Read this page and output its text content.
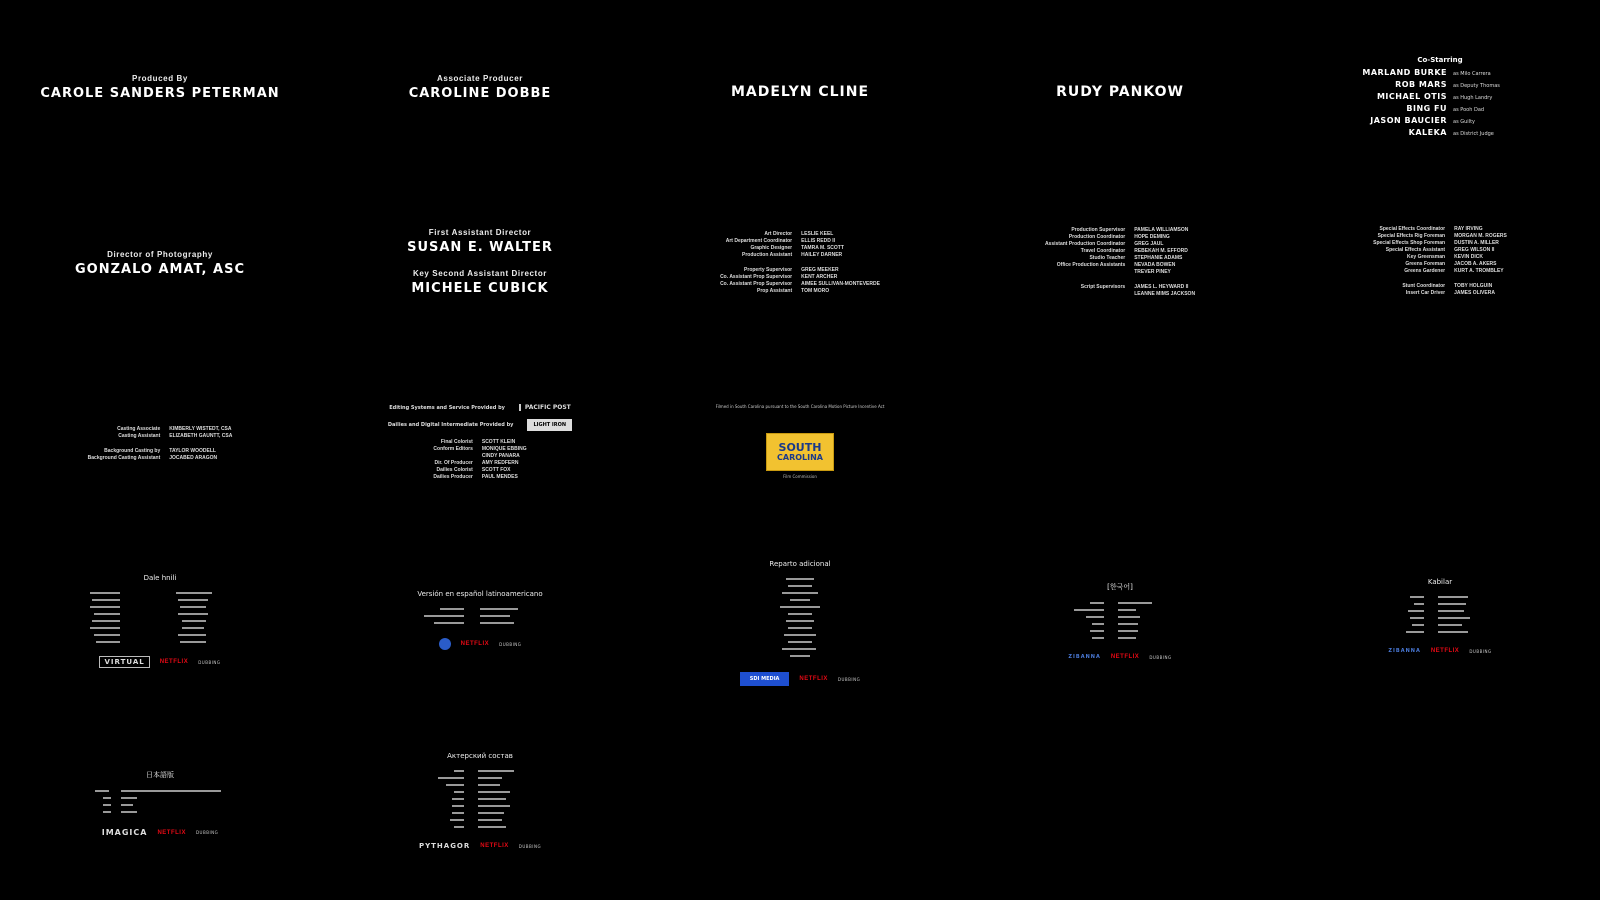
Produced By
CAROLE SANDERS PETERMAN
Associate Producer
CAROLINE DOBBE	MADELYN CLINE	RUDY PANKOW
Co-Starring
MARLAND BURKE as Milo Carrera
ROB MARS as Deputy Thomas
MICHAEL OTIS as Hugh Landry
BING FU as Pooh Dad
JASON BAUCIER as Guilty
KALEKA as District Judge
Director of Photography
GONZALO AMAT, ASC
First Assistant Director
SUSAN E. WALTER
Key Second Assistant Director
MICHELE CUBICK
Art Director LESLIE KEEL
Art Department Coordinator ELLIS REDD II
Graphic Designer TAMRA M. SCOTT
Production Assistant HAILEY DARNER
Property Supervisor GREG MEEKER
Co. Assistant Prop Supervisor KENT ARCHER
Co. Assistant Prop Supervisor AIMEE SULLIVAN-MONTEVERDE
Prop Assistant TOM MORO
Production Supervisor PAMELA WILLIAMSON
Production Coordinator HOPE DEMING
Assistant Production Coordinator GREG JAUL
Travel Coordinator REBEKAH M. EFFORD
Studio Teacher STEPHANIE ADAMS
Office Production Assistants NEVADA BOWEN
TREVER PINEY
Script Supervisors JAMES L. HEYWARD II
LEANNE MIMS JACKSON
Special Effects Coordinator RAY IRVING
Special Effects Rig Foreman MORGAN M. ROGERS
Special Effects Shop Foreman DUSTIN A. MILLER
Special Effects Assistant GREG WILSON II
Key Greensman KEVIN DICK
Greens Foreman JACOB A. AKERS
Greens Gardener KURT A. TROMBLEY
Stunt Coordinator TOBY HOLGUIN
Insert Car Driver JAMES OLIVERA
Casting Associate KIMBERLY WISTEDT, CSA
Casting Assistant ELIZABETH GAUNTT, CSA
Background Casting by TAYLOR WOODELL
Background Casting Assistant JOCABED ARAGON
Editing Systems and Service Provided by	PACIFIC POST
Dailies and Digital Intermediate Provided by	LIGHT IRON
Final Colorist SCOTT KLEIN
Conform Editors MONIQUE EBBING
CINDY PANARA
Dir. Of Producer AMY REDFERN
Dailies Colorist SCOTT FOX
Dailies Producer PAUL MENDES
Filmed in South Carolina pursuant to the South Carolina Motion Picture Incentive Act
SOUTH
CAROLINA
Film Commission
Dale hnili
VIRTUAL	NETFLIX	DUBBING
Versión en español latinoamericano
NETFLIX	DUBBING
Reparto adicional
SDI MEDIA	NETFLIX	DUBBING
[한국어]
ZIBANNA NETFLIX	DUBBING
Kabilar
ZIBANNA NETFLIX	DUBBING
日本語版
IMAGICA NETFLIX	DUBBING
Актерский состав
PYTHAGOR NETFLIX	DUBBING
